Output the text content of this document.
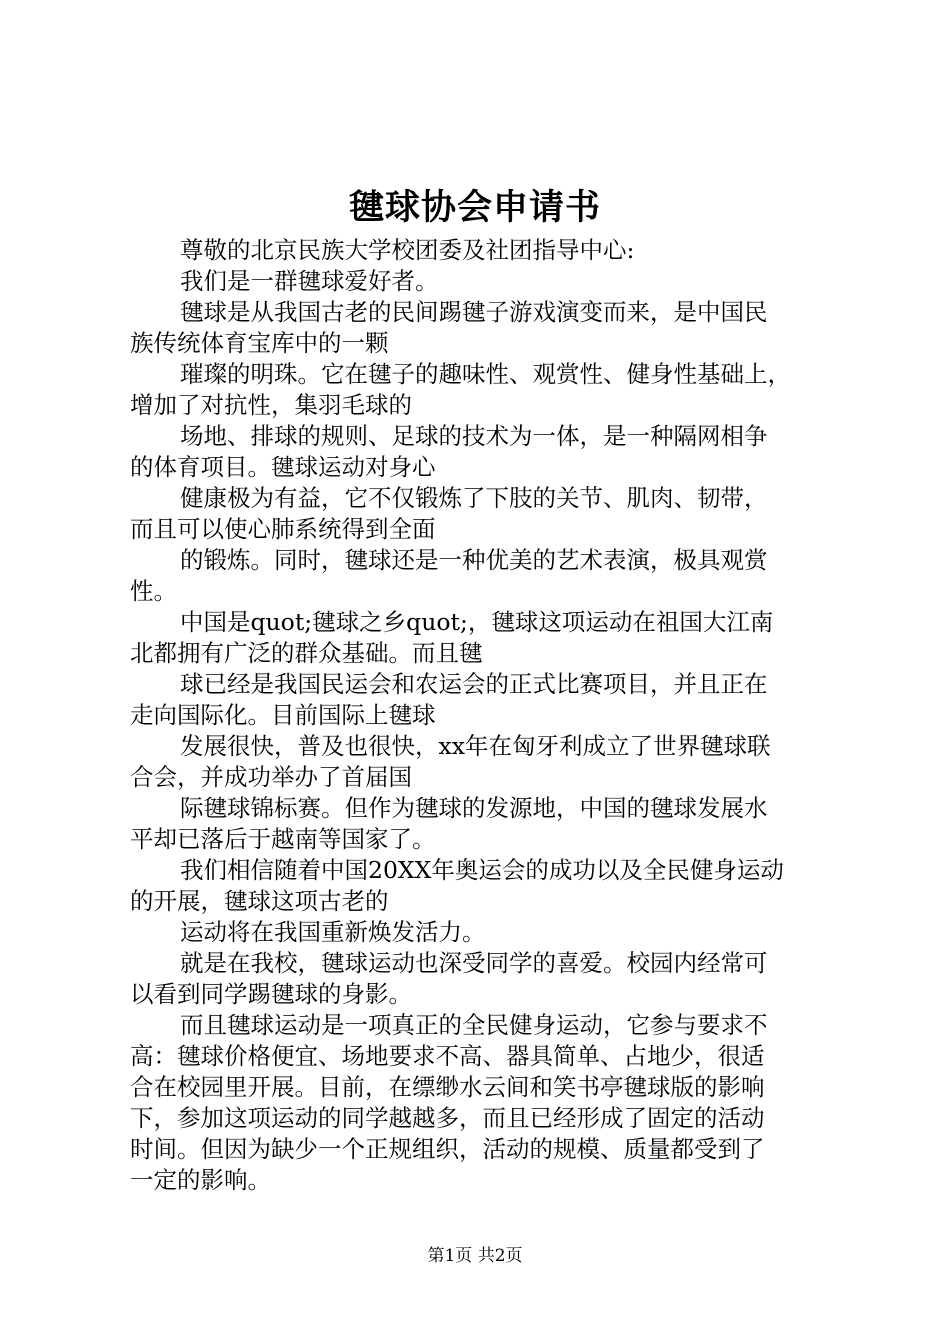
毽球协会申请书
尊敬的北京民族大学校团委及社团指导中心:
我们是一群毽球爱好者。
毽球是从我国古老的民间踢毽子游戏演变而来，是中国民
族传统体育宝库中的一颗
璀璨的明珠。它在毽子的趣味性、观赏性、健身性基础上，
增加了对抗性，集羽毛球的
场地、排球的规则、足球的技术为一体，是一种隔网相争
的体育项目。毽球运动对身心
健康极为有益，它不仅锻炼了下肢的关节、肌肉、韧带，
而且可以使心肺系统得到全面
的锻炼。同时，毽球还是一种优美的艺术表演，极具观赏
性。
中国是quot;毽球之乡quot;，毽球这项运动在祖国大江南
北都拥有广泛的群众基础。而且毽
球已经是我国民运会和农运会的正式比赛项目，并且正在
走向国际化。目前国际上毽球
发展很快，普及也很快，xx年在匈牙利成立了世界毽球联
合会，并成功举办了首届国
际毽球锦标赛。但作为毽球的发源地，中国的毽球发展水
平却已落后于越南等国家了。
我们相信随着中国20XX年奥运会的成功以及全民健身运动
的开展，毽球这项古老的
运动将在我国重新焕发活力。
就是在我校，毽球运动也深受同学的喜爱。校园内经常可
以看到同学踢毽球的身影。
而且毽球运动是一项真正的全民健身运动，它参与要求不
高：毽球价格便宜、场地要求不高、器具简单、占地少，很适
合在校园里开展。目前，在缥缈水云间和笑书亭毽球版的影响
下，参加这项运动的同学越越多，而且已经形成了固定的活动
时间。但因为缺少一个正规组织，活动的规模、质量都受到了
一定的影响。
第1页 共2页
